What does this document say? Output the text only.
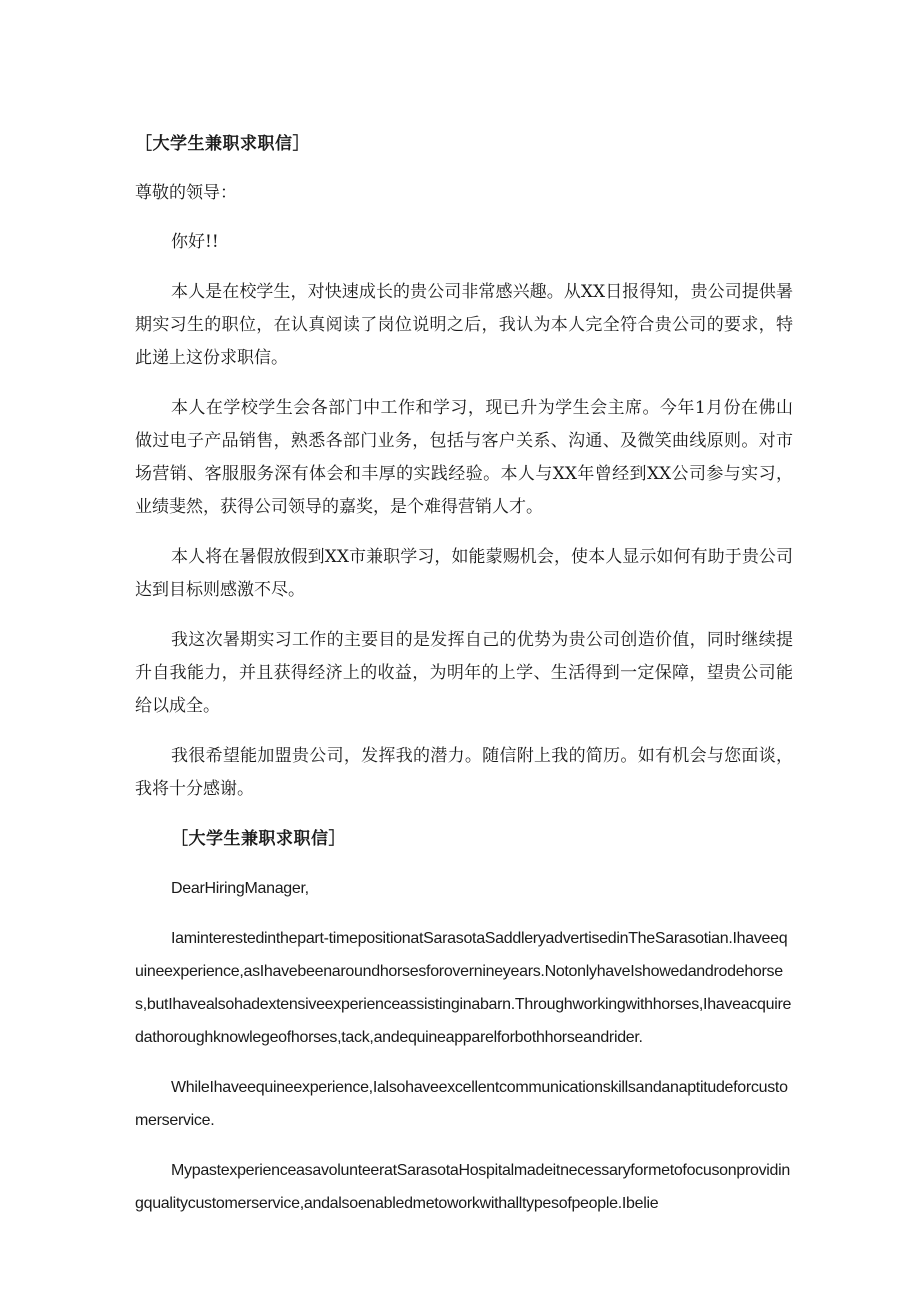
［大学生兼职求职信］
尊敬的领导：

你好!!

本人是在校学生，对快速成长的贵公司非常感兴趣。从XX日报得知，贵公司提供暑期实习生的职位，在认真阅读了岗位说明之后，我认为本人完全符合贵公司的要求，特此递上这份求职信。

本人在学校学生会各部门中工作和学习，现已升为学生会主席。今年1月份在佛山做过电子产品销售，熟悉各部门业务，包括与客户关系、沟通、及微笑曲线原则。对市场营销、客服服务深有体会和丰厚的实践经验。本人与XX年曾经到XX公司参与实习，业绩斐然，获得公司领导的嘉奖，是个难得营销人才。

本人将在暑假放假到XX市兼职学习，如能蒙赐机会，使本人显示如何有助于贵公司达到目标则感激不尽。

我这次暑期实习工作的主要目的是发挥自己的优势为贵公司创造价值，同时继续提升自我能力，并且获得经济上的收益，为明年的上学、生活得到一定保障，望贵公司能给以成全。

我很希望能加盟贵公司，发挥我的潜力。随信附上我的简历。如有机会与您面谈，我将十分感谢。

［大学生兼职求职信］

DearHiringManager,

Iaminterestedinthepart-timepositionatSarasotaSaddleryadvertisedinTheSarasotian.Ihaveequineexperience,asIhavebeenaroundhorsesforovernineyears.NotonlyhaveIshowedandrodehorses,butIhavealsohadextensiveexperienceassistinginabarn.Throughworkingwithhorses,Ihaveacquiredathoroughknowlegeofhorses,tack,andequineapparelforbothhorseandrider.

WhileIhaveequineexperience,Ialsohaveexcellentcommunicationskillsandanaptitudeforcustomerservice.

MypastexperienceasavolunteeratSarasotaHospitalmadeitnecessaryformetofocusonprovidingqualitycustomerservice,andalsoenabledmetoworkwithalltypesofpeople.Ibelie
